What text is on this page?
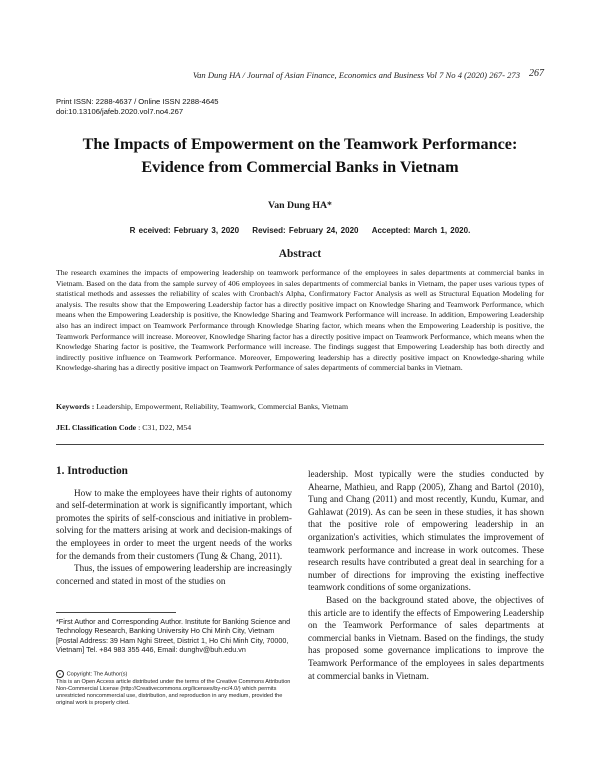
Van Dung HA / Journal of Asian Finance, Economics and Business Vol 7 No 4 (2020) 267- 273 267
Print ISSN: 2288-4637 / Online ISSN 2288-4645
doi:10.13106/jafeb.2020.vol7.no4.267
The Impacts of Empowerment on the Teamwork Performance:
Evidence from Commercial Banks in Vietnam
Van Dung HA*
R eceived: February 3, 2020 Revised: February 24, 2020 Accepted: March 1, 2020.
Abstract
The research examines the impacts of empowering leadership on teamwork performance of the employees in sales departments at commercial banks in Vietnam. Based on the data from the sample survey of 406 employees in sales departments of commercial banks in Vietnam, the paper uses various types of statistical methods and assesses the reliability of scales with Cronbach's Alpha, Confirmatory Factor Analysis as well as Structural Equation Modeling for analysis. The results show that the Empowering Leadership factor has a directly positive impact on Knowledge Sharing and Teamwork Performance, which means when the Empowering Leadership is positive, the Knowledge Sharing and Teamwork Performance will increase. In addition, Empowering Leadership also has an indirect impact on Teamwork Performance through Knowledge Sharing factor, which means when the Empowering Leadership is positive, the Teamwork Performance will increase. Moreover, Knowledge Sharing factor has a directly positive impact on Teamwork Performance, which means when the Knowledge Sharing factor is positive, the Teamwork Performance will increase. The findings suggest that Empowering Leadership has both directly and indirectly positive influence on Teamwork Performance. Moreover, Empowering leadership has a directly positive impact on Knowledge-sharing while Knowledge-sharing has a directly positive impact on Teamwork Performance of sales departments of commercial banks in Vietnam.
Keywords : Leadership, Empowerment, Reliability, Teamwork, Commercial Banks, Vietnam
JEL Classification Code : C31, D22, M54
1. Introduction

How to make the employees have their rights of autonomy and self-determination at work is significantly important, which promotes the spirits of self-conscious and initiative in problem-solving for the matters arising at work and decision-makings of the employees in order to meet the urgent needs of the works for the demands from their customers (Tung & Chang, 2011).

Thus, the issues of empowering leadership are increasingly concerned and stated in most of the studies on

*First Author and Corresponding Author. Institute for Banking Science and Technology Research, Banking University Ho Chi Minh City, Vietnam [Postal Address: 39 Ham Nghi Street, District 1, Ho Chi Minh City, 70000, Vietnam] Tel. +84 983 355 446, Email: dunghv@buh.edu.vn
c Copyright: The Author(s)
This is an Open Access article distributed under the terms of the Creative Commons Attribution Non-Commercial License (http://Creativecommons.org/licenses/by-nc/4.0/) which permits unrestricted noncommercial use, distribution, and reproduction in any medium, provided the original work is properly cited.

leadership. Most typically were the studies conducted by Ahearne, Mathieu, and Rapp (2005), Zhang and Bartol (2010), Tung and Chang (2011) and most recently, Kundu, Kumar, and Gahlawat (2019). As can be seen in these studies, it has shown that the positive role of empowering leadership in an organization's activities, which stimulates the improvement of teamwork performance and increase in work outcomes. These research results have contributed a great deal in searching for a number of directions for improving the existing ineffective teamwork conditions of some organizations.

Based on the background stated above, the objectives of this article are to identify the effects of Empowering Leadership on the Teamwork Performance of sales departments at commercial banks in Vietnam. Based on the findings, the study has proposed some governance implications to improve the Teamwork Performance of the employees in sales departments at commercial banks in Vietnam.
